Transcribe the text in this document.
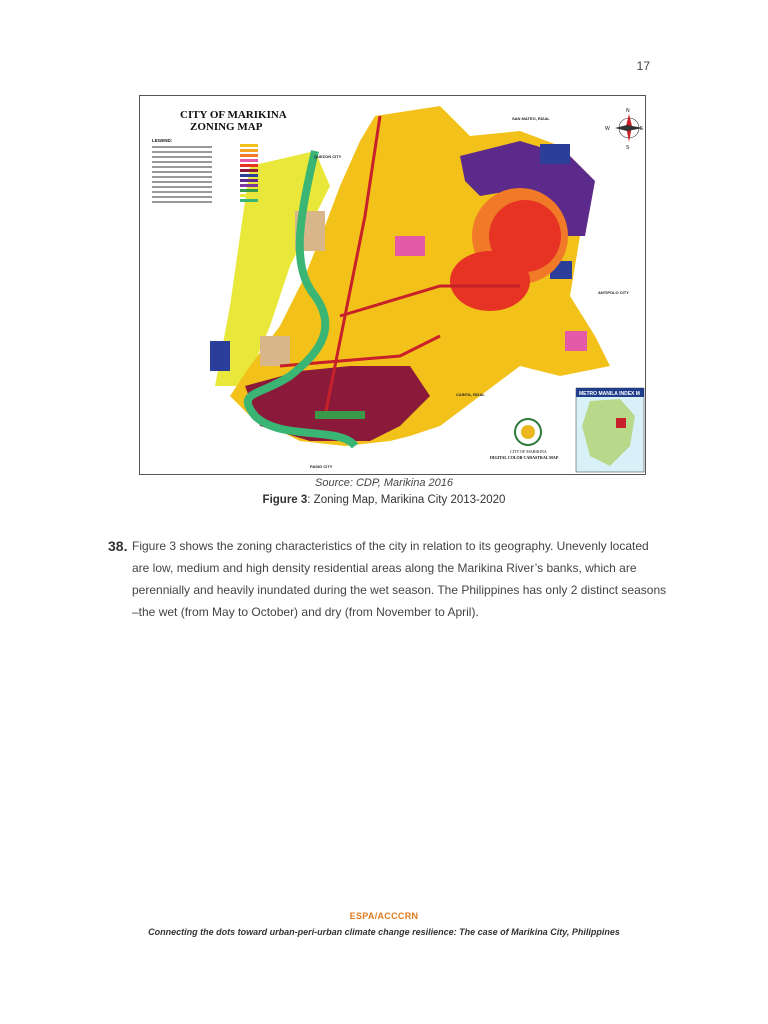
17
CITY OF MARIKINA
ZONING MAP
LEGEND:
SAN MATEO, RIZAL
QUEZON CITY
ANTIPOLO CITY
CAINTA, RIZAL
PASIG CITY
N
S
W	E
CITY OF MARIKINA
DIGITAL COLOR CADASTRAL MAP
METRO MANILA INDEX M
Source: CDP, Marikina 2016
Figure 3: Zoning Map, Marikina City 2013-2020
38. Figure 3 shows the zoning characteristics of the city in relation to its geography. Unevenly located are low, medium and high density residential areas along the Marikina River’s banks, which are perennially and heavily inundated during the wet season. The Philippines has only 2 distinct seasons –the wet (from May to October) and dry (from November to April).
ESPA/ACCCRN
Connecting the dots toward urban-peri-urban climate change resilience: The case of Marikina City, Philippines
